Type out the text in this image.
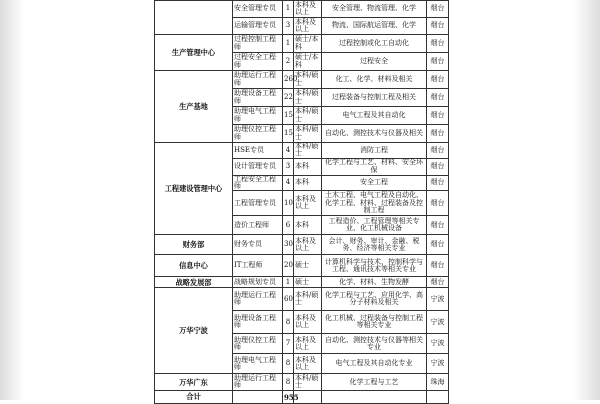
	安全管理专员	1	本科及以上	安全管理、物流管理、化学	烟台
	运输管理专员	3	本科及以上	物流、国际航运管理、化学	烟台
生产管理中心	过程控制工程师	1	硕士/本科	过程控制或化工自动化	烟台
	过程安全工程师	2	硕士/本科	过程安全	烟台
生产基地	助理运行工程师	260	本科/硕士	化工、化学、材料及相关	烟台
	助理设备工程师	22	本科/硕士	过程装备与控制工程及相关	烟台
	助理电气工程师	15	本科/硕士	电气工程及其自动化	烟台
	助理仪控工程师	15	本科/硕士	自动化、测控技术与仪器及相关	烟台
工程建设管理中心	HSE专员	4	本科/硕士	消防工程	烟台
	设计管理专员	3	本科	化学工程与工艺、材料、安全环保	烟台
	工程安全工程师	4	本科	安全工程	烟台
	工程管理专员	10	本科及以上	土木工程、电气工程及自动化、化学工程、材料、过程装备及控制工程	烟台
	造价工程师	6	本科	工程造价、工程管理等相关专业、化工机械设备	烟台
财务部	财务专员	30	本科及以上	会计、财务、审计、金融、税务、经济等相关专业	烟台
信息中心	IT工程师	20	硕士	计算机科学与技术、控制科学与工程、通讯技术等相关专业	烟台
战略发展部	战略规划专员	1	硕士	化学、材料、生物发酵	烟台
万华宁波	助理运行工程师	60	本科/硕士	化学工程与工艺、应用化学、高分子材料及相关	宁波
	助理设备工程师	8	本科及以上	化工机械、过程装备与控制工程等相关专业	宁波
	助理仪控工程师	7	本科及以上	自动化、测控技术与仪器等相关专业	宁波
	助理电气工程师	8	本科及以上	电气工程及其自动化专业	宁波
万华广东	助理运行工程师	8	本科/硕士	化学工程与工艺	珠海
合计		955			
